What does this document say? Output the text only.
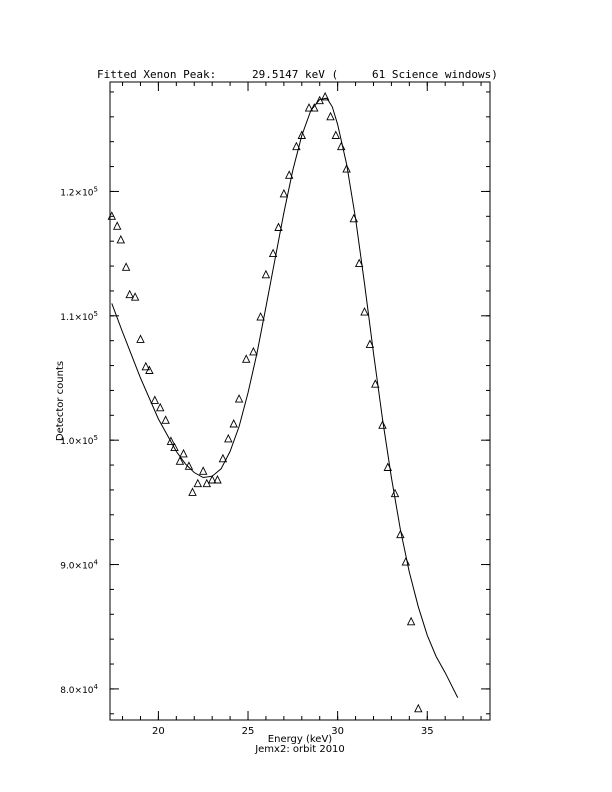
Fitted Xenon Peak:	29.5147 keV (	61 Science windows)
20	25	30	35
$8.0\times 10^4$
$9.0\times 10^4$
$1.0\times 10^5$
$1.1\times 10^5$
$1.2\times 10^5$
Energy (keV)
Jemx2: orbit 2010
Detector counts
